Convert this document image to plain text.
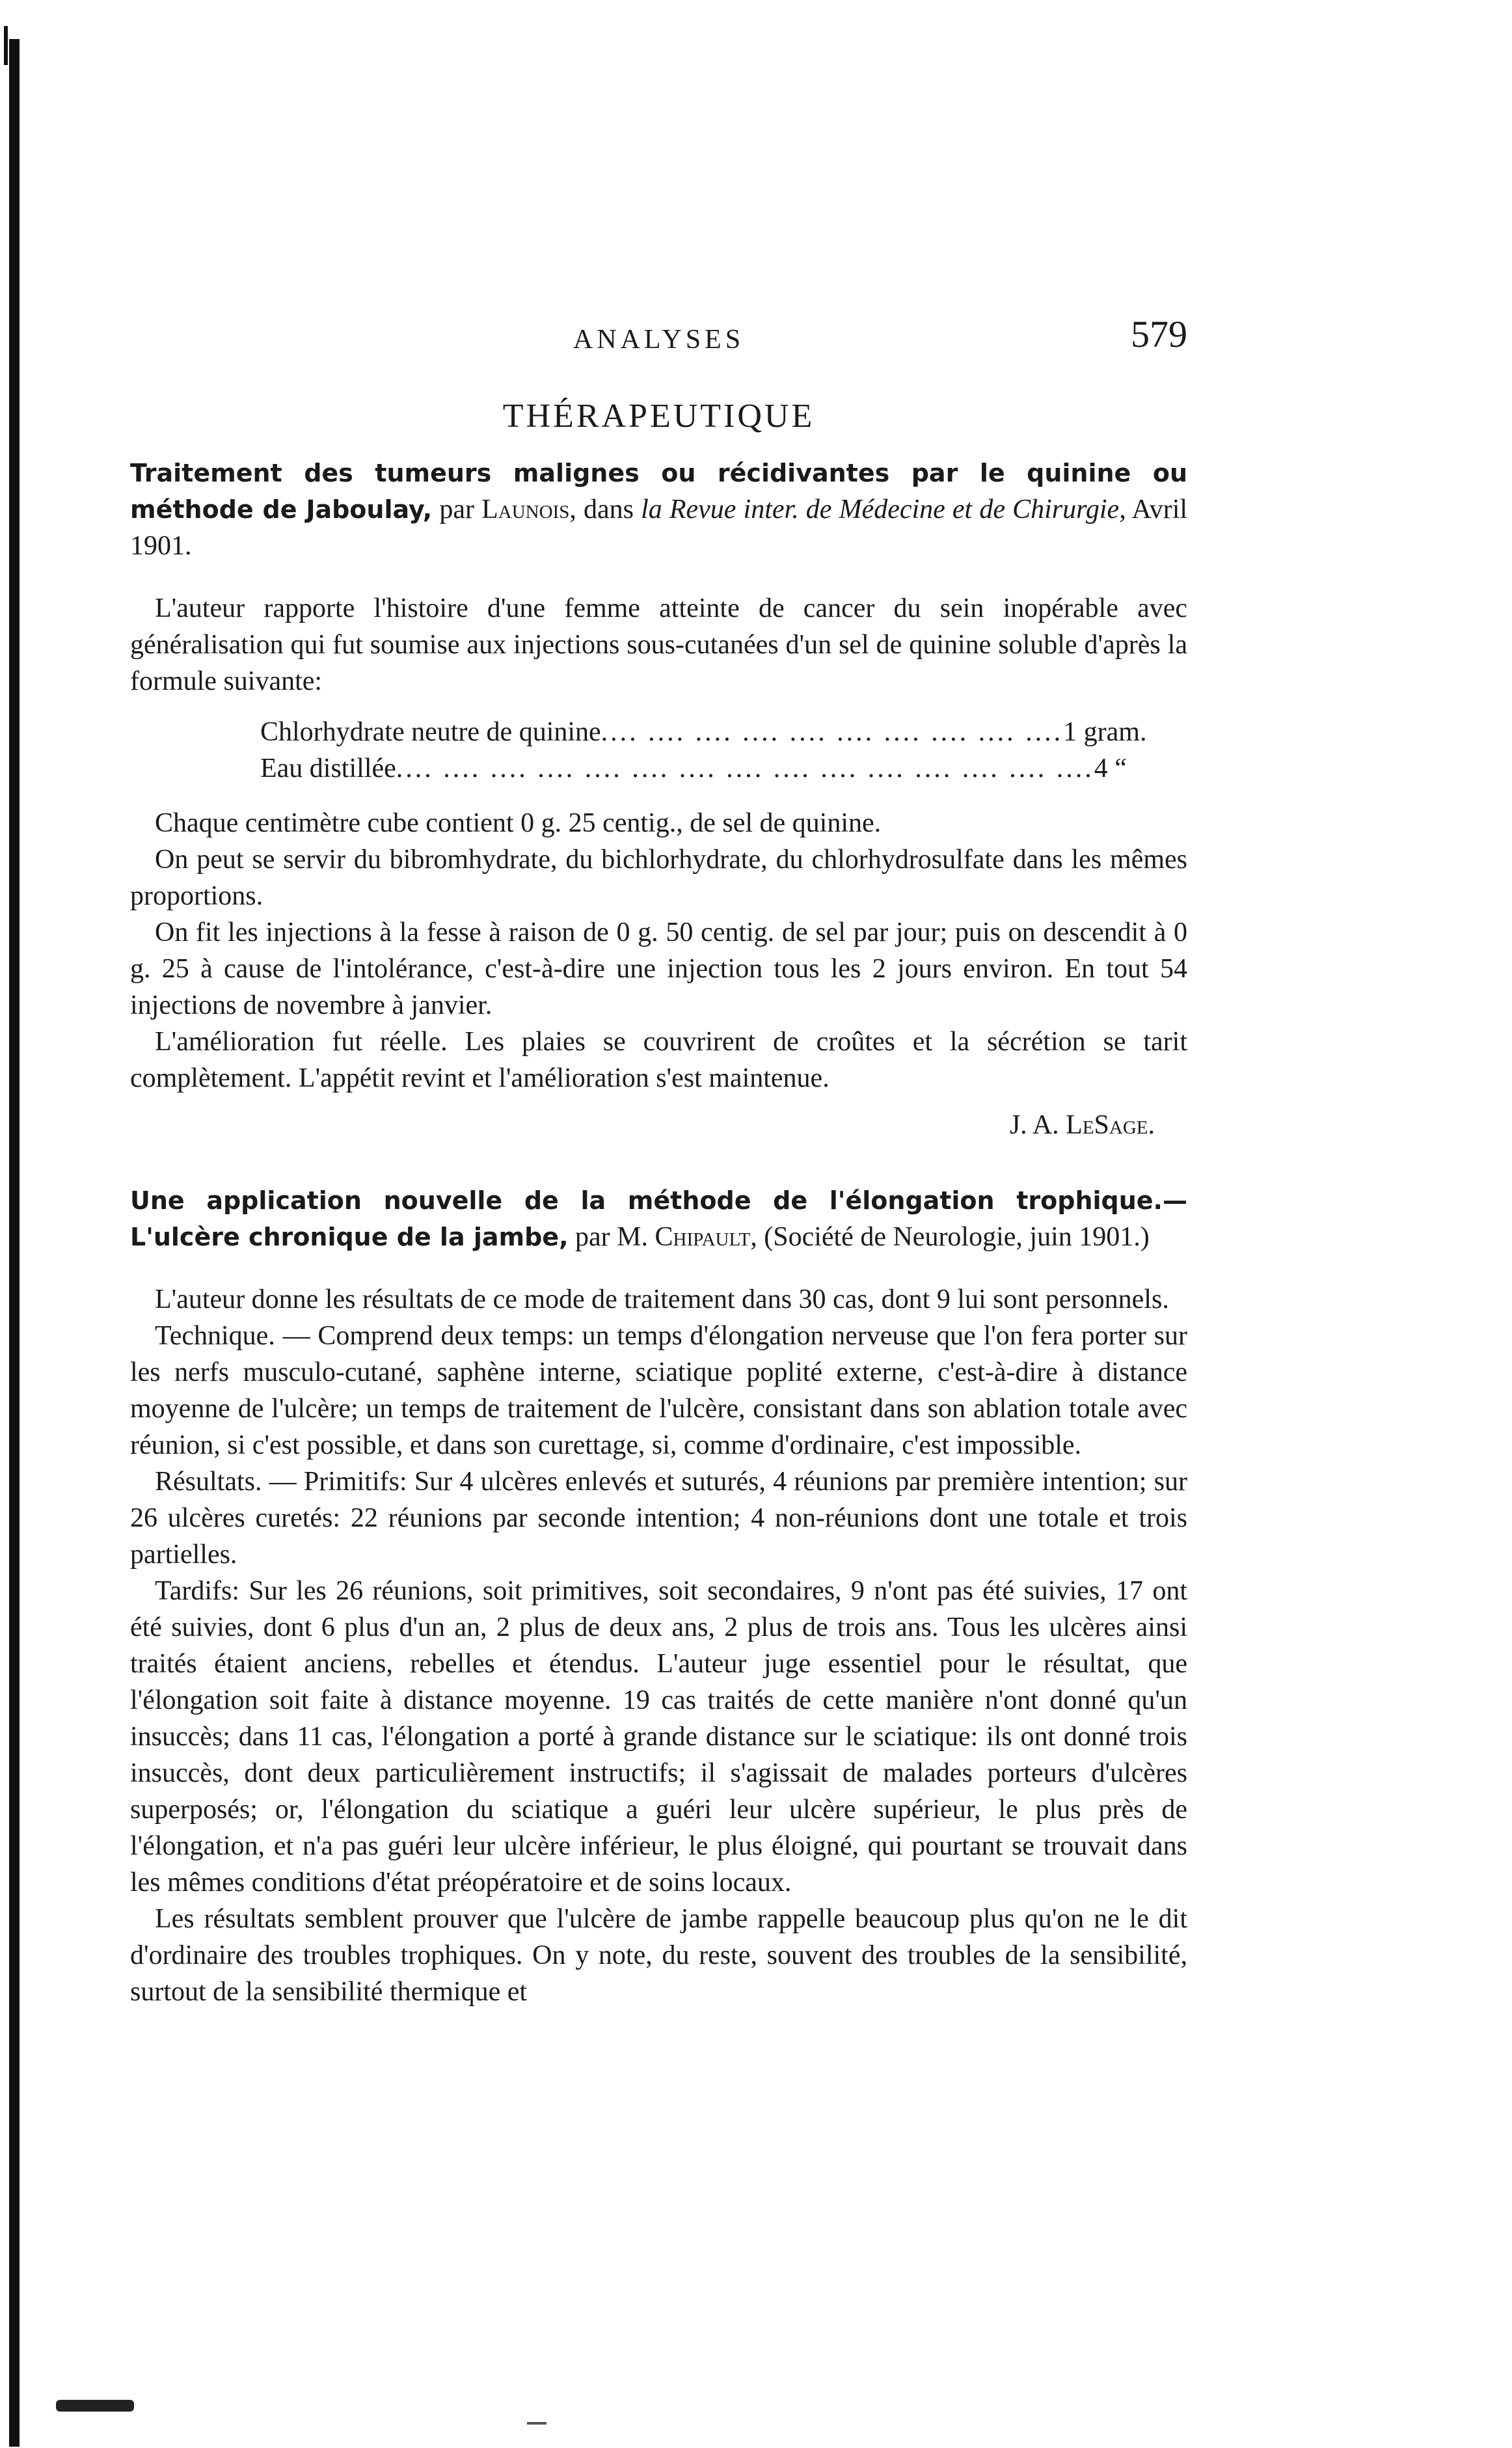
ANALYSES	579
THÉRAPEUTIQUE
Traitement des tumeurs malignes ou récidivantes par le quinine ou méthode de Jaboulay, par Launois, dans la Revue inter. de Médecine et de Chirurgie, Avril 1901.

L'auteur rapporte l'histoire d'une femme atteinte de cancer du sein inopérable avec généralisation qui fut soumise aux injections sous-cutanées d'un sel de quinine soluble d'après la formule suivante:

Chlorhydrate neutre de quinine .... .... .... .... .... .... .... .... .... .... 1 gram.
Eau distillée .... .... .... .... .... .... .... .... .... .... .... .... .... .... .... 4 “

Chaque centimètre cube contient 0 g. 25 centig., de sel de quinine.

On peut se servir du bibromhydrate, du bichlorhydrate, du chlorhydrosulfate dans les mêmes proportions.

On fit les injections à la fesse à raison de 0 g. 50 centig. de sel par jour; puis on descendit à 0 g. 25 à cause de l'intolérance, c'est-à-dire une injection tous les 2 jours environ. En tout 54 injections de novembre à janvier.

L'amélioration fut réelle. Les plaies se couvrirent de croûtes et la sécrétion se tarit complètement. L'appétit revint et l'amélioration s'est maintenue.

J. A. LeSage.
Une application nouvelle de la méthode de l'élongation trophique.—L'ulcère chronique de la jambe, par M. Chipault, (Société de Neurologie, juin 1901.)

L'auteur donne les résultats de ce mode de traitement dans 30 cas, dont 9 lui sont personnels.

Technique. — Comprend deux temps: un temps d'élongation nerveuse que l'on fera porter sur les nerfs musculo-cutané, saphène interne, sciatique poplité externe, c'est-à-dire à distance moyenne de l'ulcère; un temps de traitement de l'ulcère, consistant dans son ablation totale avec réunion, si c'est possible, et dans son curettage, si, comme d'ordinaire, c'est impossible.

Résultats. — Primitifs: Sur 4 ulcères enlevés et suturés, 4 réunions par première intention; sur 26 ulcères curetés: 22 réunions par seconde intention; 4 non-réunions dont une totale et trois partielles.

Tardifs: Sur les 26 réunions, soit primitives, soit secondaires, 9 n'ont pas été suivies, 17 ont été suivies, dont 6 plus d'un an, 2 plus de deux ans, 2 plus de trois ans. Tous les ulcères ainsi traités étaient anciens, rebelles et étendus. L'auteur juge essentiel pour le résultat, que l'élongation soit faite à distance moyenne. 19 cas traités de cette manière n'ont donné qu'un insuccès; dans 11 cas, l'élongation a porté à grande distance sur le sciatique: ils ont donné trois insuccès, dont deux particulièrement instructifs; il s'agissait de malades porteurs d'ulcères superposés; or, l'élongation du sciatique a guéri leur ulcère supérieur, le plus près de l'élongation, et n'a pas guéri leur ulcère inférieur, le plus éloigné, qui pourtant se trouvait dans les mêmes conditions d'état préopératoire et de soins locaux.

Les résultats semblent prouver que l'ulcère de jambe rappelle beaucoup plus qu'on ne le dit d'ordinaire des troubles trophiques. On y note, du reste, souvent des troubles de la sensibilité, surtout de la sensibilité thermique et
